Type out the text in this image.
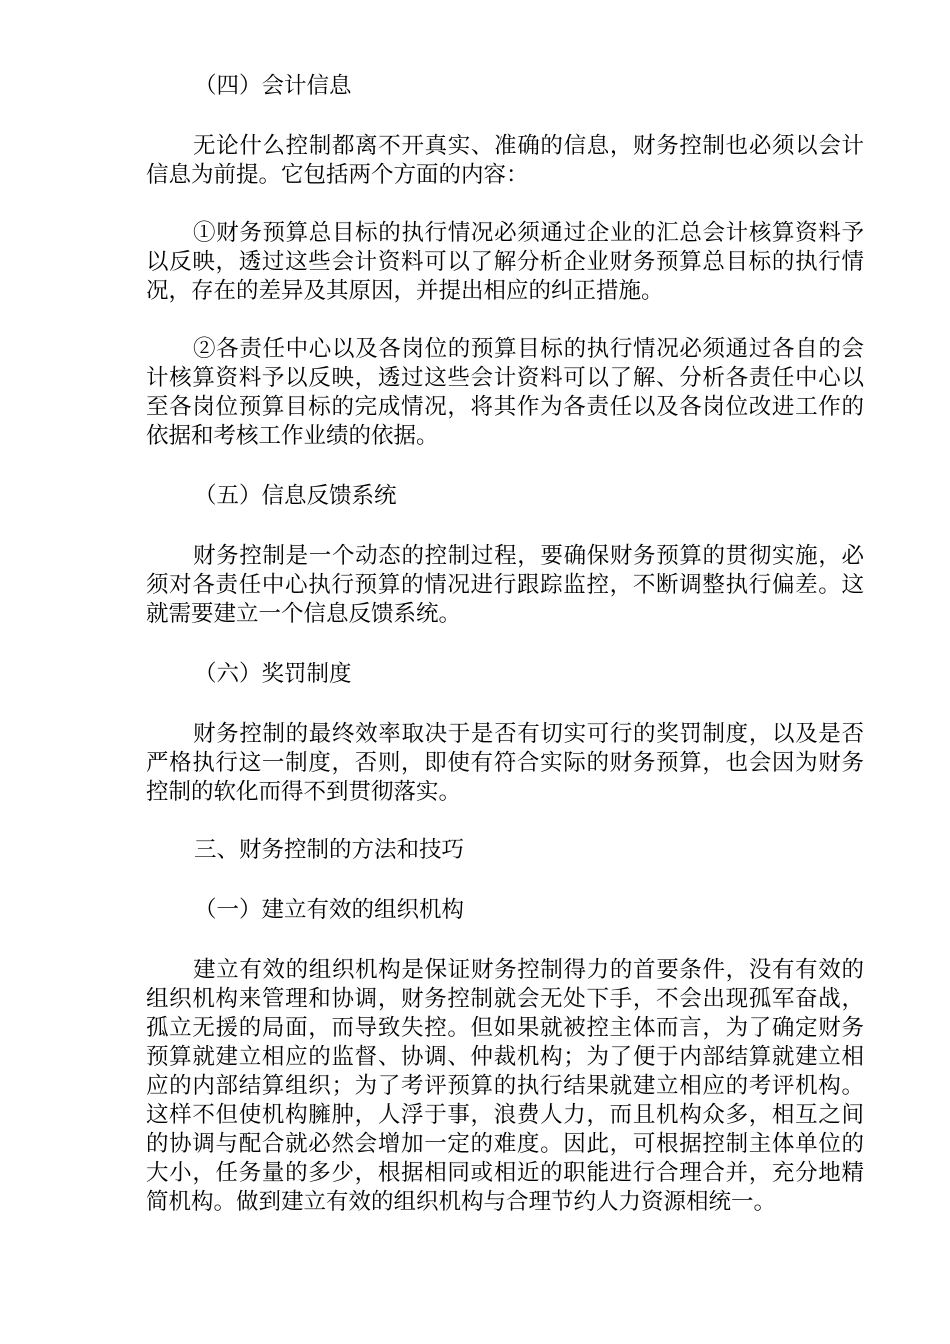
（四）会计信息

无论什么控制都离不开真实、准确的信息，财务控制也必须以会计信息为前提。它包括两个方面的内容：

①财务预算总目标的执行情况必须通过企业的汇总会计核算资料予以反映，透过这些会计资料可以了解分析企业财务预算总目标的执行情况，存在的差异及其原因，并提出相应的纠正措施。

②各责任中心以及各岗位的预算目标的执行情况必须通过各自的会计核算资料予以反映，透过这些会计资料可以了解、分析各责任中心以至各岗位预算目标的完成情况，将其作为各责任以及各岗位改进工作的依据和考核工作业绩的依据。

（五）信息反馈系统

财务控制是一个动态的控制过程，要确保财务预算的贯彻实施，必须对各责任中心执行预算的情况进行跟踪监控，不断调整执行偏差。这就需要建立一个信息反馈系统。

（六）奖罚制度

财务控制的最终效率取决于是否有切实可行的奖罚制度，以及是否严格执行这一制度，否则，即使有符合实际的财务预算，也会因为财务控制的软化而得不到贯彻落实。

三、财务控制的方法和技巧

（一）建立有效的组织机构

建立有效的组织机构是保证财务控制得力的首要条件，没有有效的组织机构来管理和协调，财务控制就会无处下手，不会出现孤军奋战，孤立无援的局面，而导致失控。但如果就被控主体而言，为了确定财务预算就建立相应的监督、协调、仲裁机构；为了便于内部结算就建立相应的内部结算组织；为了考评预算的执行结果就建立相应的考评机构。这样不但使机构臃肿，人浮于事，浪费人力，而且机构众多，相互之间的协调与配合就必然会增加一定的难度。因此，可根据控制主体单位的大小，任务量的多少，根据相同或相近的职能进行合理合并，充分地精简机构。做到建立有效的组织机构与合理节约人力资源相统一。
